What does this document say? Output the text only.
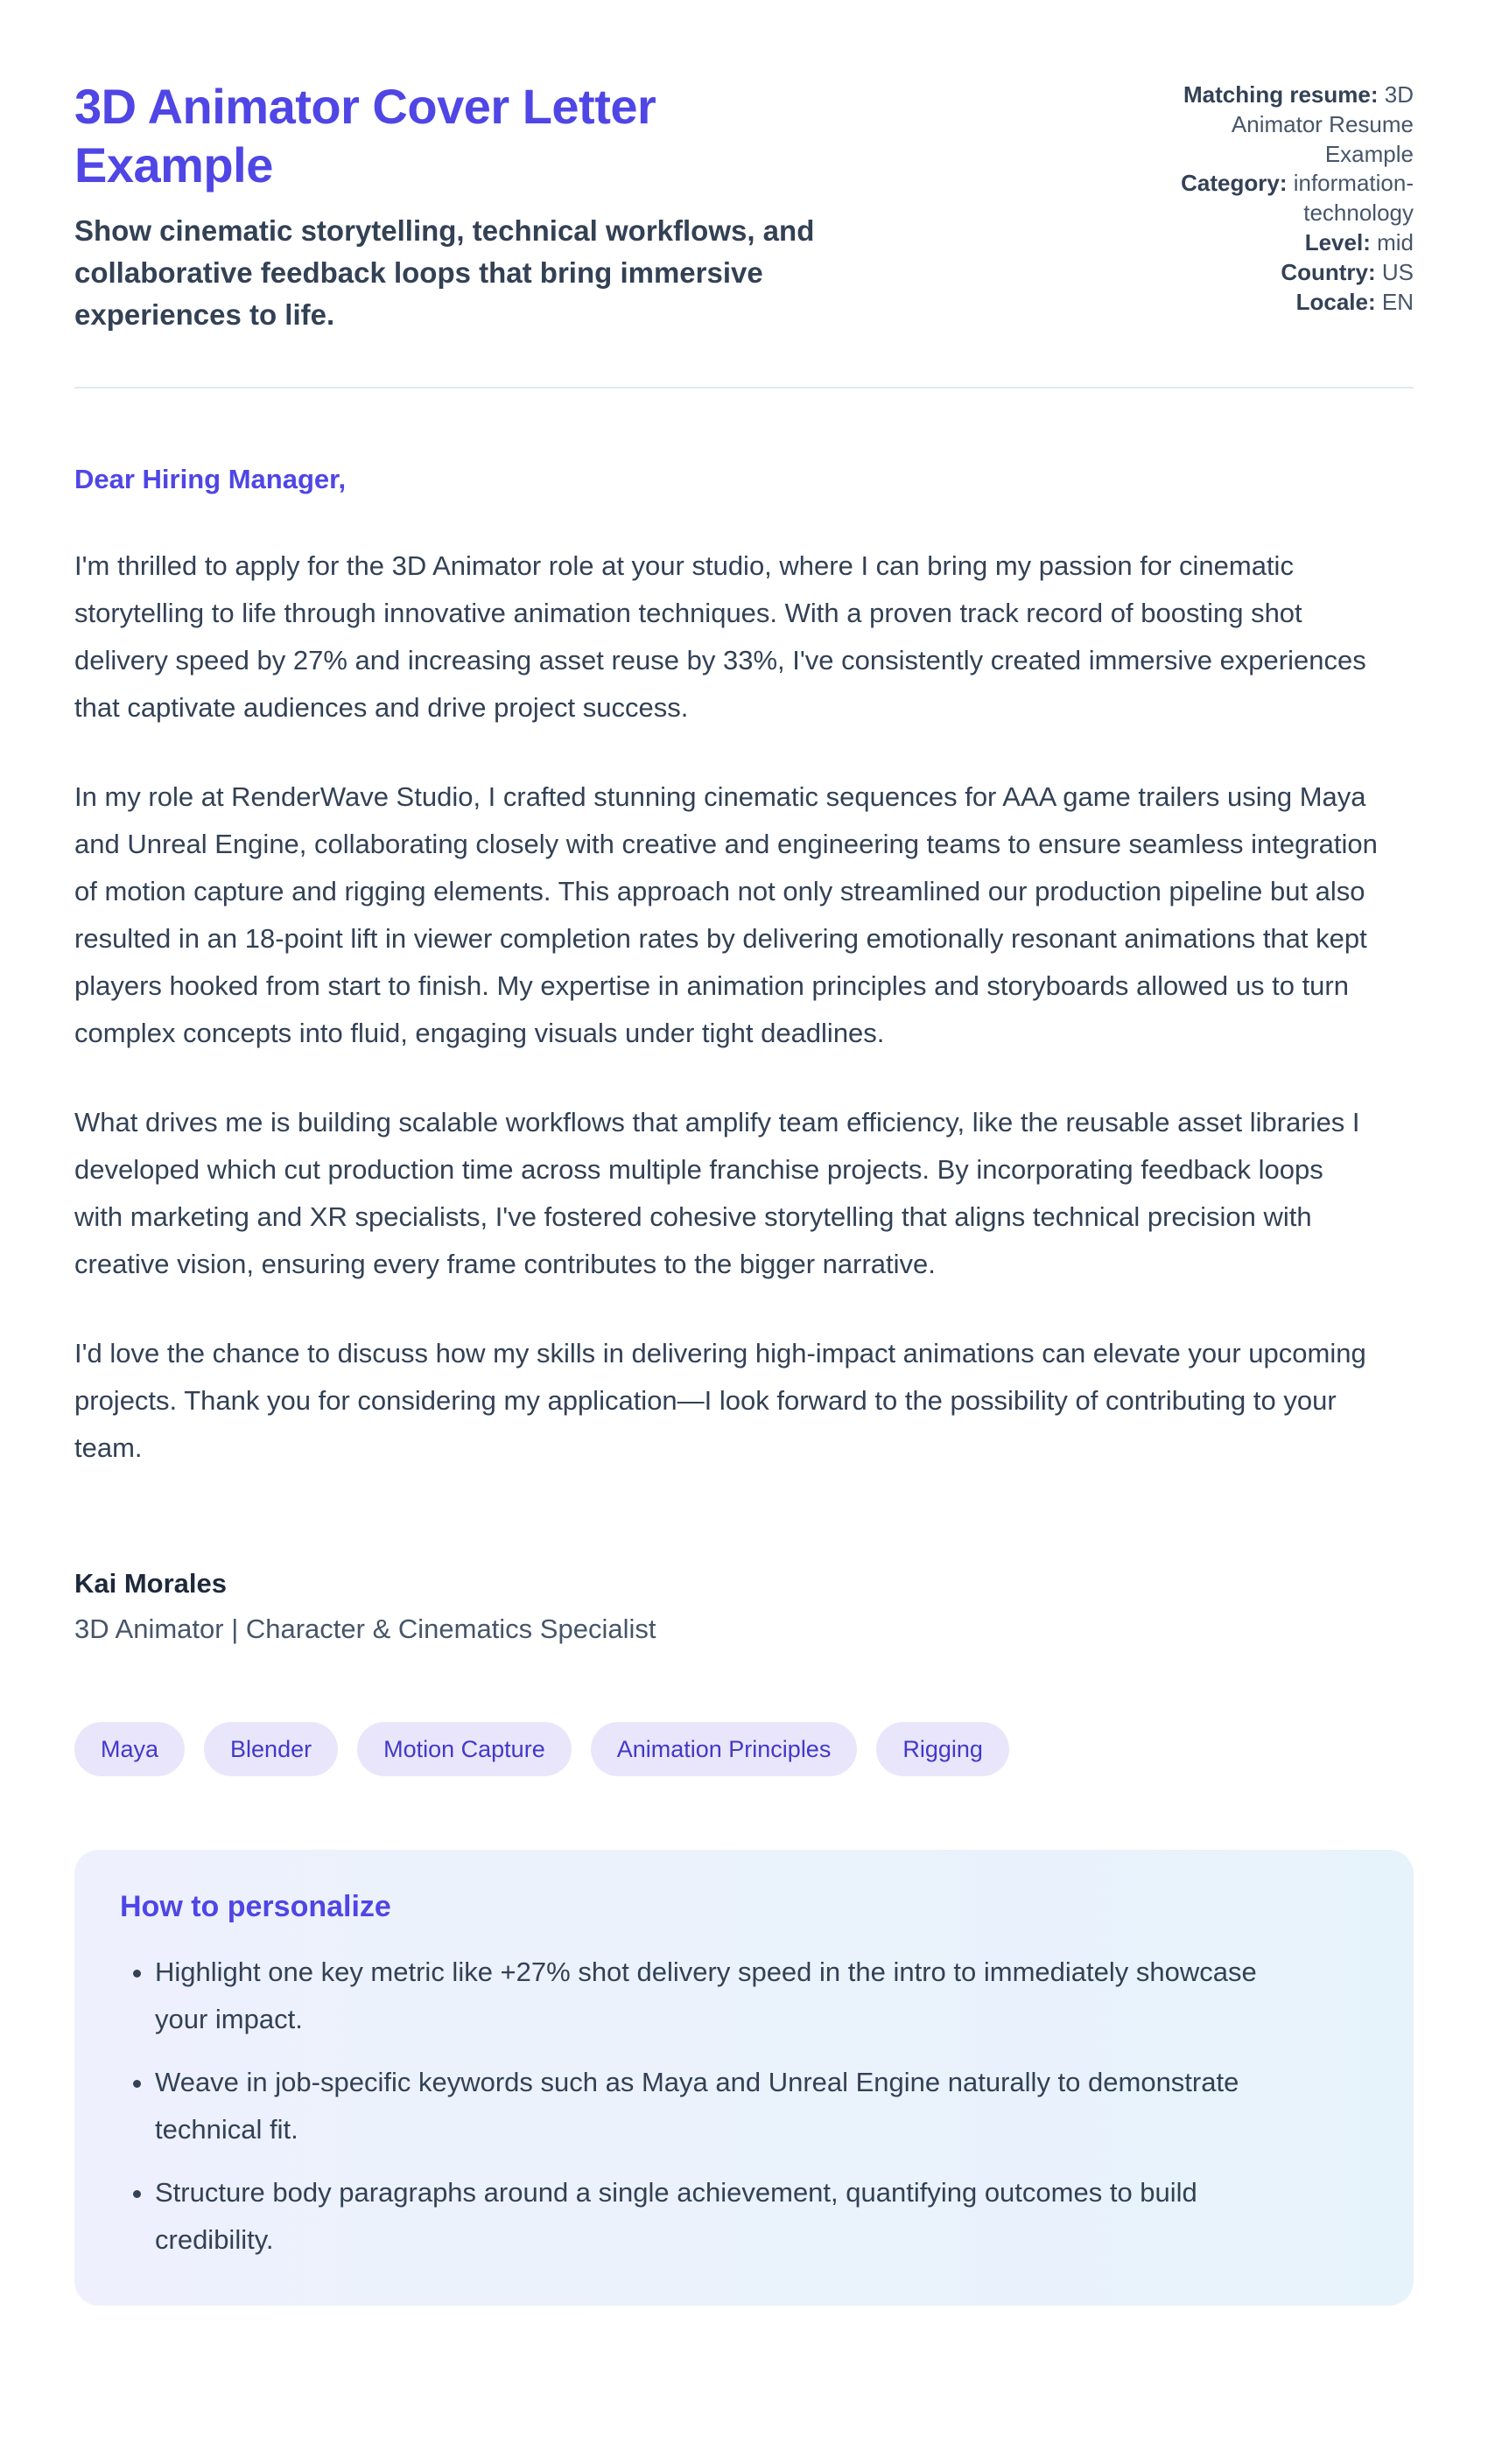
3D Animator Cover Letter Example

Show cinematic storytelling, technical workflows, and collaborative feedback loops that bring immersive experiences to life.

Matching resume: 3D Animator Resume Example
Category: information-technology
Level: mid
Country: US
Locale: EN

Dear Hiring Manager,

I'm thrilled to apply for the 3D Animator role at your studio, where I can bring my passion for cinematic storytelling to life through innovative animation techniques. With a proven track record of boosting shot delivery speed by 27% and increasing asset reuse by 33%, I've consistently created immersive experiences that captivate audiences and drive project success.

In my role at RenderWave Studio, I crafted stunning cinematic sequences for AAA game trailers using Maya and Unreal Engine, collaborating closely with creative and engineering teams to ensure seamless integration of motion capture and rigging elements. This approach not only streamlined our production pipeline but also resulted in an 18-point lift in viewer completion rates by delivering emotionally resonant animations that kept players hooked from start to finish. My expertise in animation principles and storyboards allowed us to turn complex concepts into fluid, engaging visuals under tight deadlines.

What drives me is building scalable workflows that amplify team efficiency, like the reusable asset libraries I developed which cut production time across multiple franchise projects. By incorporating feedback loops with marketing and XR specialists, I've fostered cohesive storytelling that aligns technical precision with creative vision, ensuring every frame contributes to the bigger narrative.

I'd love the chance to discuss how my skills in delivering high-impact animations can elevate your upcoming projects. Thank you for considering my application—I look forward to the possibility of contributing to your team.

Kai Morales

3D Animator | Character & Cinematics Specialist

Maya	Blender	Motion Capture	Animation Principles	Rigging
How to personalize
• Highlight one key metric like +27% shot delivery speed in the intro to immediately showcase your impact.
• Weave in job-specific keywords such as Maya and Unreal Engine naturally to demonstrate technical fit.
• Structure body paragraphs around a single achievement, quantifying outcomes to build credibility.
